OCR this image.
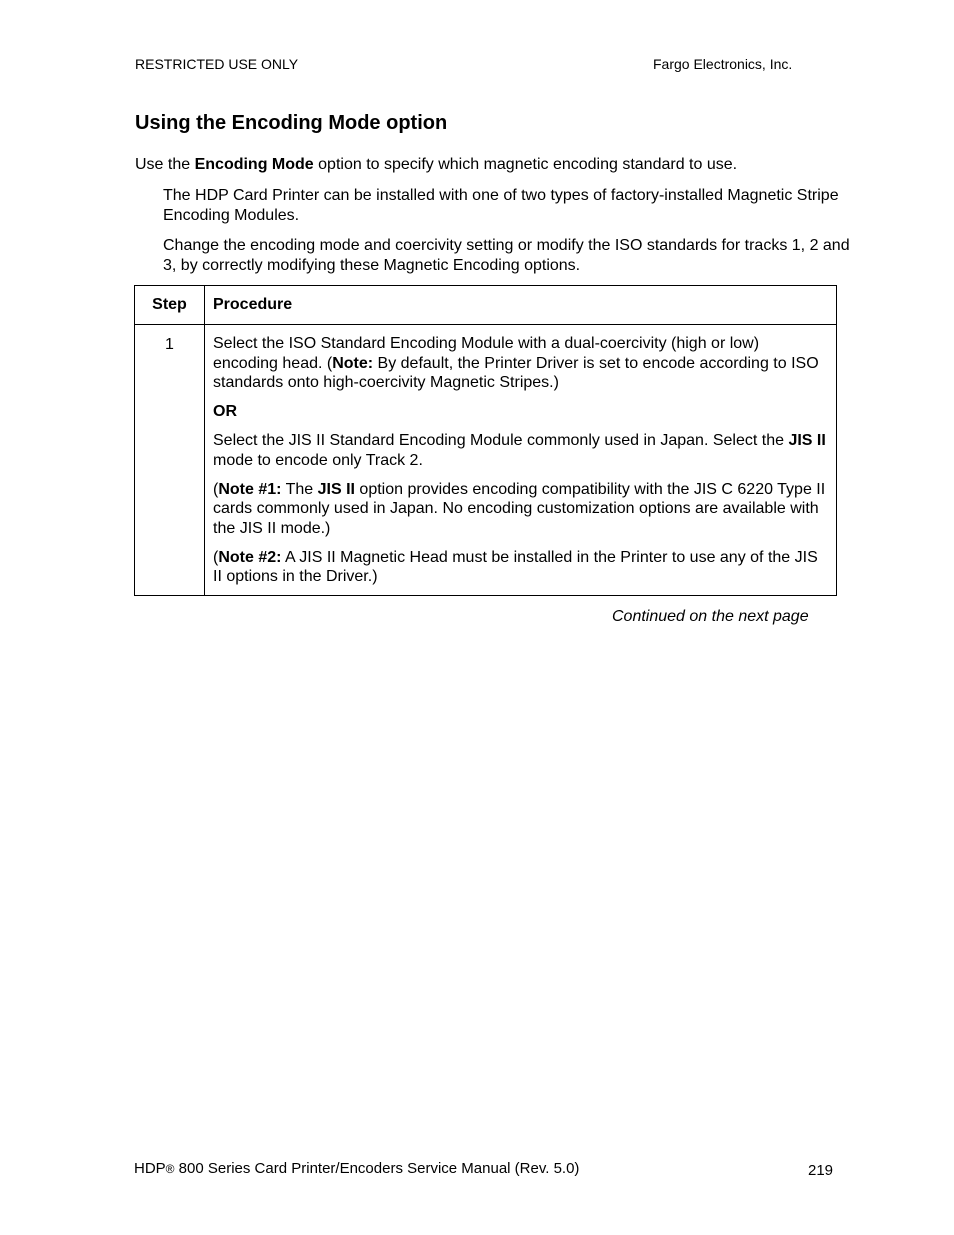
RESTRICTED USE ONLY	Fargo Electronics, Inc.
Using the Encoding Mode option

Use the Encoding Mode option to specify which magnetic encoding standard to use.

The HDP Card Printer can be installed with one of two types of factory-installed Magnetic Stripe Encoding Modules.

Change the encoding mode and coercivity setting or modify the ISO standards for tracks 1, 2 and 3, by correctly modifying these Magnetic Encoding options.

Step	Procedure
1	Select the ISO Standard Encoding Module with a dual-coercivity (high or low) encoding head. (Note: By default, the Printer Driver is set to encode according to ISO standards onto high-coercivity Magnetic Stripes.)

OR

Select the JIS II Standard Encoding Module commonly used in Japan. Select the JIS II mode to encode only Track 2.

(Note #1: The JIS II option provides encoding compatibility with the JIS C 6220 Type II cards commonly used in Japan. No encoding customization options are available with the JIS II mode.)

(Note #2: A JIS II Magnetic Head must be installed in the Printer to use any of the JIS II options in the Driver.)

Continued on the next page
HDP® 800 Series Card Printer/Encoders Service Manual (Rev. 5.0)	219
